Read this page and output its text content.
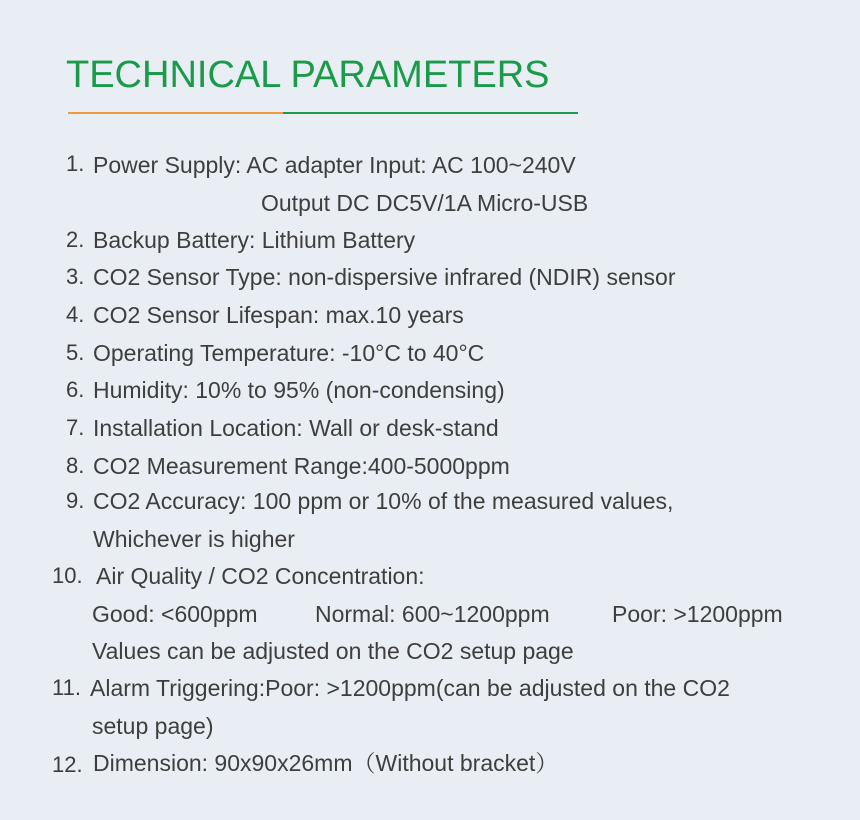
TECHNICAL PARAMETERS
1. Power Supply: AC adapter Input: AC 100~240V
Output DC DC5V/1A Micro-USB
2. Backup Battery: Lithium Battery
3. CO2 Sensor Type: non-dispersive infrared (NDIR) sensor
4. CO2 Sensor Lifespan: max.10 years
5. Operating Temperature: -10°C to 40°C
6. Humidity: 10% to 95% (non-condensing)
7. Installation Location: Wall or desk-stand
8. CO2 Measurement Range:400-5000ppm
9. CO2 Accuracy: 100 ppm or 10% of the measured values,
Whichever is higher
10. Air Quality / CO2 Concentration:
Good: <600ppm Normal: 600~1200ppm	Poor: >1200ppm
Values can be adjusted on the CO2 setup page
11. Alarm Triggering:Poor: >1200ppm(can be adjusted on the CO2
setup page)
12. Dimension: 90x90x26mm（Without bracket）
